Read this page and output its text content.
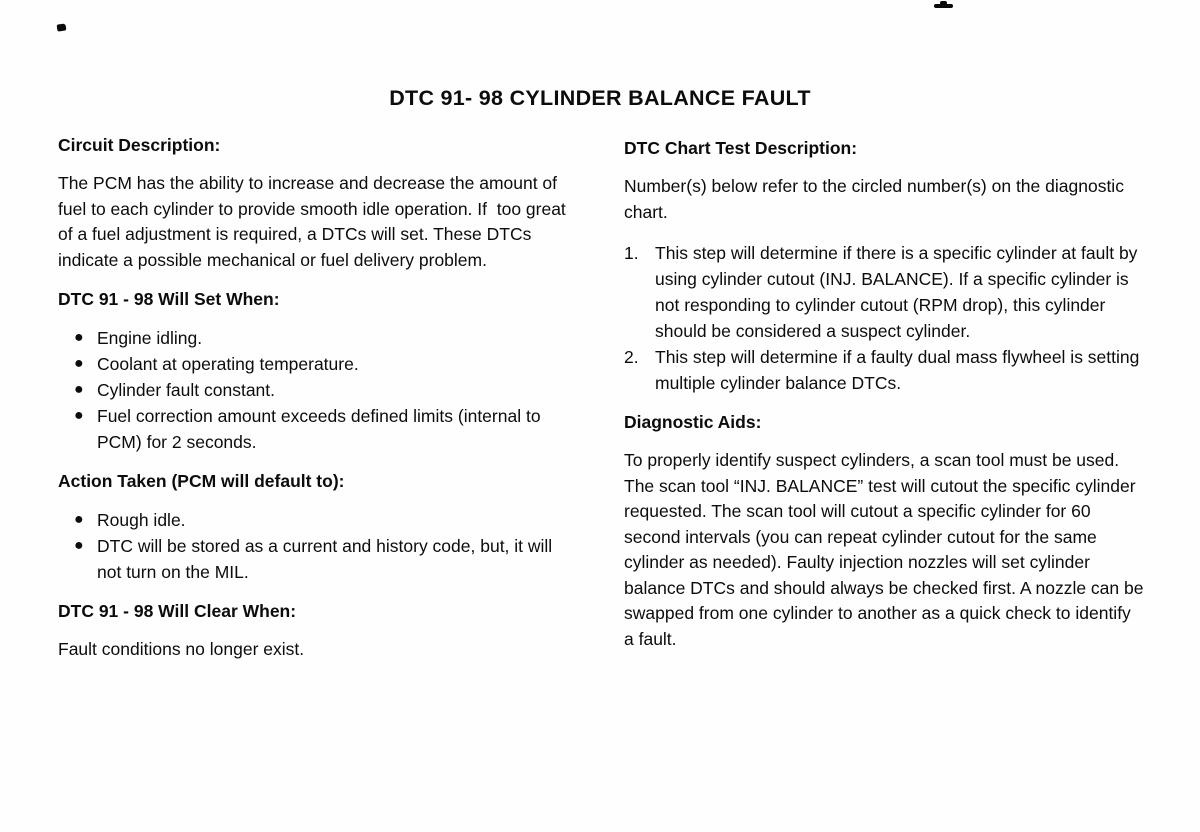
DTC 91- 98 CYLINDER BALANCE FAULT
Circuit Description:

The PCM has the ability to increase and decrease the amount of fuel to each cylinder to provide smooth idle operation. If  too great of a fuel adjustment is required, a DTCs will set. These DTCs indicate a possible mechanical or fuel delivery problem.

DTC 91 - 98 Will Set When:
● Engine idling.
● Coolant at operating temperature.
● Cylinder fault constant.
● Fuel correction amount exceeds defined limits (internal to PCM) for 2 seconds.
Action Taken (PCM will default to):
● Rough idle.
● DTC will be stored as a current and history code, but, it will not turn on the MIL.
DTC 91 - 98 Will Clear When:

Fault conditions no longer exist.

DTC Chart Test Description:

Number(s) below refer to the circled number(s) on the diagnostic chart.

1. This step will determine if there is a specific cylinder at fault by using cylinder cutout (INJ. BALANCE). If a specific cylinder is not responding to cylinder cutout (RPM drop), this cylinder should be considered a suspect cylinder.
2. This step will determine if a faulty dual mass flywheel is setting multiple cylinder balance DTCs.
Diagnostic Aids:

To properly identify suspect cylinders, a scan tool must be used. The scan tool “INJ. BALANCE” test will cutout the specific cylinder requested. The scan tool will cutout a specific cylinder for 60 second intervals (you can repeat cylinder cutout for the same cylinder as needed). Faulty injection nozzles will set cylinder balance DTCs and should always be checked first. A nozzle can be swapped from one cylinder to another as a quick check to identify a fault.
